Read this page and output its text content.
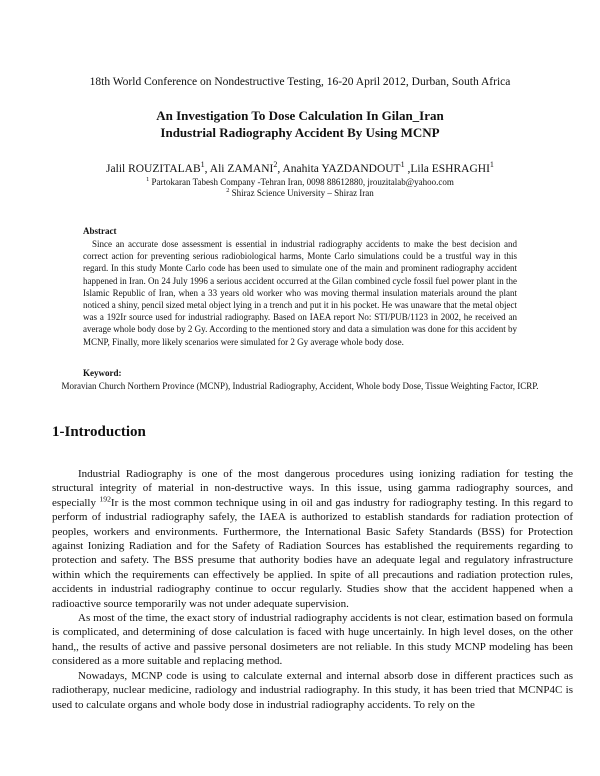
18th World Conference on Nondestructive Testing, 16-20 April 2012, Durban, South Africa
An Investigation To Dose Calculation In Gilan_Iran
Industrial Radiography Accident By Using MCNP
Jalil ROUZITALAB$^1$, Ali ZAMANI$^2$, Anahita YAZDANDOUT$^1$ ,Lila ESHRAGHI$^1$
$^1$ Partokaran Tabesh Company -Tehran Iran, 0098 88612880, jrouzitalab@yahoo.com
$^2$ Shiraz Science University – Shiraz Iran
Abstract

Since an accurate dose assessment is essential in industrial radiography accidents to make the best decision and correct action for preventing serious radiobiological harms, Monte Carlo simulations could be a trustful way in this regard. In this study Monte Carlo code has been used to simulate one of the main and prominent radiography accident happened in Iran. On 24 July 1996 a serious accident occurred at the Gilan combined cycle fossil fuel power plant in the Islamic Republic of Iran, when a 33 years old worker who was moving thermal insulation materials around the plant noticed a shiny, pencil sized metal object lying in a trench and put it in his pocket. He was unaware that the metal object was a 192Ir source used for industrial radiography. Based on IAEA report No: STI/PUB/1123 in 2002, he received an average whole body dose by 2 Gy. According to the mentioned story and data a simulation was done for this accident by MCNP, Finally, more likely scenarios were simulated for 2 Gy average whole body dose.

Keyword:

Moravian Church Northern Province (MCNP), Industrial Radiography, Accident, Whole body Dose, Tissue Weighting Factor, ICRP.

1-Introduction

Industrial Radiography is one of the most dangerous procedures using ionizing radiation for testing the structural integrity of material in non-destructive ways. In this issue, using gamma radiography sources, and especially $^{192}$Ir is the most common technique using in oil and gas industry for radiography testing. In this regard to perform of industrial radiography safely, the IAEA is authorized to establish standards for radiation protection of peoples, workers and environments. Furthermore, the International Basic Safety Standards (BSS) for Protection against Ionizing Radiation and for the Safety of Radiation Sources has established the requirements regarding to protection and safety. The BSS presume that authority bodies have an adequate legal and regulatory infrastructure within which the requirements can effectively be applied. In spite of all precautions and radiation protection rules, accidents in industrial radiography continue to occur regularly. Studies show that the accident happened when a radioactive source temporarily was not under adequate supervision.

As most of the time, the exact story of industrial radiography accidents is not clear, estimation based on formula is complicated, and determining of dose calculation is faced with huge uncertainly. In high level doses, on the other hand,, the results of active and passive personal dosimeters are not reliable. In this study MCNP modeling has been considered as a more suitable and replacing method.

Nowadays, MCNP code is using to calculate external and internal absorb dose in different practices such as radiotherapy, nuclear medicine, radiology and industrial radiography. In this study, it has been tried that MCNP4C is used to calculate organs and whole body dose in industrial radiography accidents. To rely on the
